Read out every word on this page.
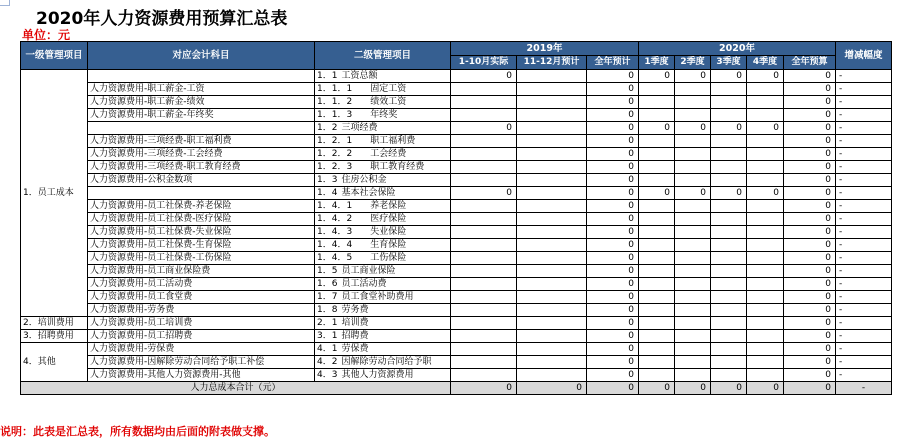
2020年人力资源费用预算汇总表
单位：元
一级管理项目	对应会计科目	二级管理项目	2019年			2020年					增减幅度
			1-10月实际	11-12月预计	全年预计	1季度	2季度	3季度	4季度	全年预算	
1．员工成本		1．1 工资总额	0		0	0	0	0	0	0	-
	人力资源费用-职工薪金-工资	1．1．1 固定工资			0					0	-
	人力资源费用-职工薪金-绩效	1．1．2 绩效工资			0					0	-
	人力资源费用-职工薪金-年终奖	1．1．3 年终奖			0					0	-
		1．2 三项经费	0		0	0	0	0	0	0	-
	人力资源费用-三项经费-职工福利费	1．2．1 职工福利费			0					0	-
	人力资源费用-三项经费-工会经费	1．2．2 工会经费			0					0	-
	人力资源费用-三项经费-职工教育经费	1．2．3 职工教育经费			0					0	-
	人力资源费用-公积金数项	1．3 住房公积金			0					0	-
		1．4 基本社会保险	0		0	0	0	0	0	0	-
	人力资源费用-员工社保费-养老保险	1．4．1 养老保险			0					0	-
	人力资源费用-员工社保费-医疗保险	1．4．2 医疗保险			0					0	-
	人力资源费用-员工社保费-失业保险	1．4．3 失业保险			0					0	-
	人力资源费用-员工社保费-生育保险	1．4．4 生育保险			0					0	-
	人力资源费用-员工社保费-工伤保险	1．4．5 工伤保险			0					0	-
	人力资源费用-员工商业保险费	1．5 员工商业保险			0					0	-
	人力资源费用-员工活动费	1．6 员工活动费			0					0	-
	人力资源费用-员工食堂费	1．7 员工食堂补助费用			0					0	-
	人力资源费用-劳务费	1．8 劳务费			0					0	-
2．培训费用	人力资源费用-员工培训费	2．1 培训费			0					0	-
3．招聘费用	人力资源费用-员工招聘费	3．1 招聘费			0					0	-
4．其他	人力资源费用-劳保费	4．1 劳保费			0					0	-
	人力资源费用-因解除劳动合同给予职工补偿	4．2 因解除劳动合同给予职			0					0	-
	人力资源费用-其他人力资源费用-其他	4．3 其他人力资源费用			0					0	-
人力总成本合计（元）			0	0	0	0	0	0	0	0	-
说明：此表是汇总表，所有数据均由后面的附表做支撑。
